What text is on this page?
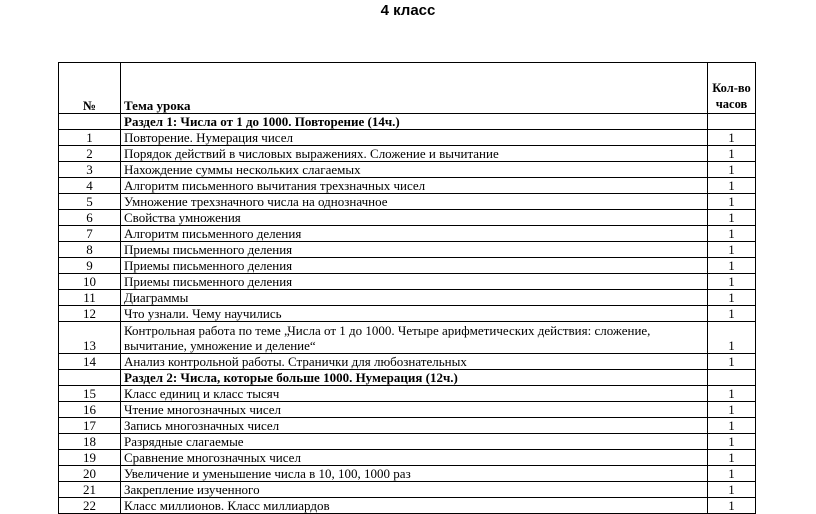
4 класс
№	Тема урока	Кол-во часов
	Раздел 1: Числа от 1 до 1000. Повторение (14ч.)	
1	Повторение. Нумерация чисел	1
2	Порядок действий в числовых выражениях. Сложение и вычитание	1
3	Нахождение суммы нескольких слагаемых	1
4	Алгоритм письменного вычитания трехзначных чисел	1
5	Умножение трехзначного числа на однозначное	1
6	Свойства умножения	1
7	Алгоритм письменного деления	1
8	Приемы письменного деления	1
9	Приемы письменного деления	1
10	Приемы письменного деления	1
11	Диаграммы	1
12	Что узнали. Чему научились	1
13	Контрольная работа по теме „Числа от 1 до 1000. Четыре арифметических действия: сложение, вычитание, умножение и деление“	1
14	Анализ контрольной работы. Странички для любознательных	1
	Раздел 2: Числа, которые больше 1000. Нумерация (12ч.)	
15	Класс единиц и класс тысяч	1
16	Чтение многозначных чисел	1
17	Запись многозначных чисел	1
18	Разрядные слагаемые	1
19	Сравнение многозначных чисел	1
20	Увеличение и уменьшение числа в 10, 100, 1000 раз	1
21	Закрепление изученного	1
22	Класс миллионов. Класс миллиардов	1
